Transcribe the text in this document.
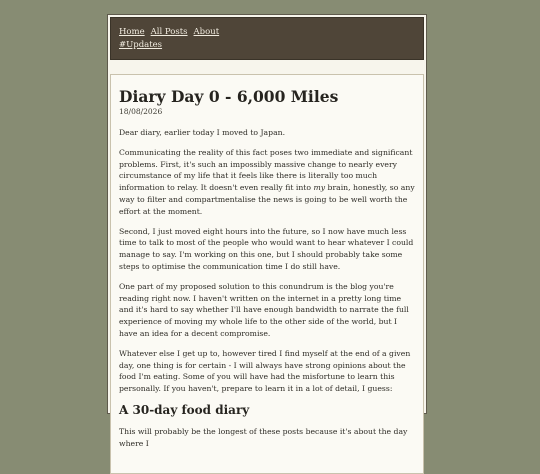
Home All Posts About
#Updates
Diary Day 0 - 6,000 Miles
18/08/2026

Dear diary, earlier today I moved to Japan.

Communicating the reality of this fact poses two immediate and significant problems. First, it's such an impossibly massive change to nearly every circumstance of my life that it feels like there is literally too much information to relay. It doesn't even really fit into my brain, honestly, so any way to filter and compartmentalise the news is going to be well worth the effort at the moment.

Second, I just moved eight hours into the future, so I now have much less time to talk to most of the people who would want to hear whatever I could manage to say. I'm working on this one, but I should probably take some steps to optimise the communication time I do still have.

One part of my proposed solution to this conundrum is the blog you're reading right now. I haven't written on the internet in a pretty long time and it's hard to say whether I'll have enough bandwidth to narrate the full experience of moving my whole life to the other side of the world, but I have an idea for a decent compromise.

Whatever else I get up to, however tired I find myself at the end of a given day, one thing is for certain - I will always have strong opinions about the food I'm eating. Some of you will have had the misfortune to learn this personally. If you haven't, prepare to learn it in a lot of detail, I guess:

A 30-day food diary

This will probably be the longest of these posts because it's about the day where I
